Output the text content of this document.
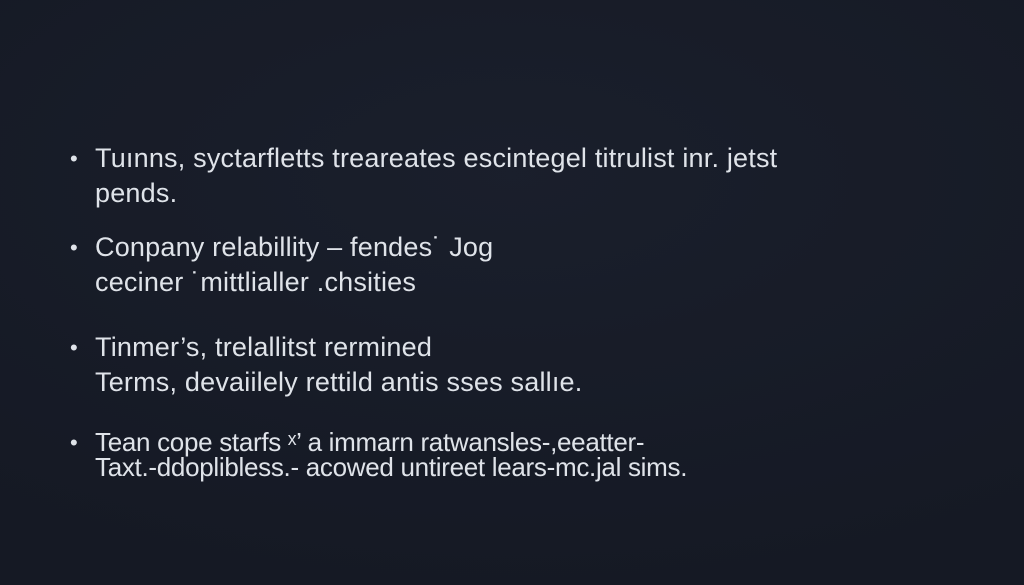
• Tuınns, syctarfletts treareates escintegel titrulist inr. jetst
pends.
• Conpany relabillity – fendes˙ Jog
ceciner ˙mittlialler .chsities
• Tinmer’s, trelallitst rermined
Terms, devaiilely rettild antis sses sallıe.
• Tean cope starfs ˣ’ a immarn ratwansles-,eeatter-
Taxt.-ddoplibless.- acowed untireet lears-mc.jal sims.
